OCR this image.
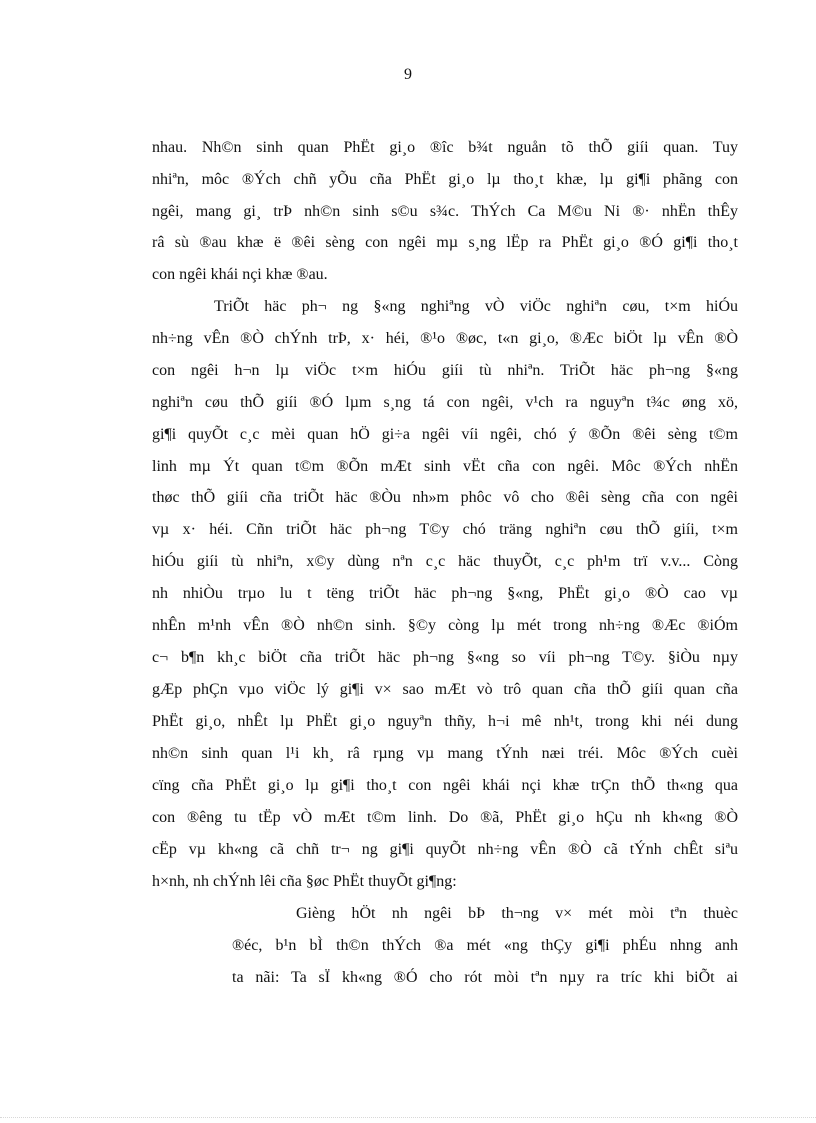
9
nhau. Nh©n sinh quan PhËt gi¸o ®îc b¾t nguån tõ thÕ giíi quan. Tuy
nhiªn, môc ®Ých chñ yÕu cña PhËt gi¸o lµ tho¸t khæ, lµ gi¶i phãng con
ngêi, mang gi¸ trÞ nh©n sinh s©u s¾c. ThÝch Ca M©u Ni ®· nhËn thÊy
râ sù ®au khæ ë ®êi sèng con ngêi mµ s¸ng lËp ra PhËt gi¸o ®Ó gi¶i tho¸t
con ngêi khái nçi khæ ®au.
TriÕt häc ph¬ ng §«ng nghiªng vÒ viÖc nghiªn cøu, t×m hiÓu
nh÷ng vÊn ®Ò chÝnh trÞ, x· héi, ®¹o ®øc, t«n gi¸o, ®Æc biÖt lµ vÊn ®Ò
con ngêi h¬n lµ viÖc t×m hiÓu giíi tù nhiªn. TriÕt häc ph¬ng §«ng
nghiªn cøu thÕ giíi ®Ó lµm s¸ng tá con ngêi, v¹ch ra nguyªn t¾c øng xö,
gi¶i quyÕt c¸c mèi quan hÖ gi÷a ngêi víi ngêi, chó ý ®Õn ®êi sèng t©m
linh mµ Ýt quan t©m ®Õn mÆt sinh vËt cña con ngêi. Môc ®Ých nhËn
thøc thÕ giíi cña triÕt häc ®Òu nh»m phôc vô cho ®êi sèng cña con ngêi
vµ x· héi. Cñn triÕt häc ph¬ng T©y chó träng nghiªn cøu thÕ giíi, t×m
hiÓu giíi tù nhiªn, x©y dùng nªn c¸c häc thuyÕt, c¸c ph¹m trï v.v... Còng
nh nhiÒu trµo lu t tëng triÕt häc ph¬ng §«ng, PhËt gi¸o ®Ò cao vµ
nhÊn m¹nh vÊn ®Ò nh©n sinh. §©y còng lµ mét trong nh÷ng ®Æc ®iÓm
c¬ b¶n kh¸c biÖt cña triÕt häc ph¬ng §«ng so víi ph¬ng T©y. §iÒu nµy
gÆp phÇn vµo viÖc lý gi¶i v× sao mÆt vò trô quan cña thÕ giíi quan cña
PhËt gi¸o, nhÊt lµ PhËt gi¸o nguyªn thñy, h¬i mê nh¹t, trong khi néi dung
nh©n sinh quan l¹i kh¸ râ rµng vµ mang tÝnh næi tréi. Môc ®Ých cuèi
cïng cña PhËt gi¸o lµ gi¶i tho¸t con ngêi khái nçi khæ trÇn thÕ th«ng qua
con ®êng tu tËp vÒ mÆt t©m linh. Do ®ã, PhËt gi¸o hÇu nh kh«ng ®Ò
cËp vµ kh«ng cã chñ tr¬ ng gi¶i quyÕt nh÷ng vÊn ®Ò cã tÝnh chÊt siªu
h×nh, nh chÝnh lêi cña §øc PhËt thuyÕt gi¶ng:
Gièng hÖt nh ngêi bÞ th¬ng v× mét mòi tªn thuèc
®éc, b¹n bÌ th©n thÝch ®a mét «ng thÇy gi¶i phÉu nhng anh
ta nãi: Ta sÏ kh«ng ®Ó cho rót mòi tªn nµy ra tríc khi biÕt ai
